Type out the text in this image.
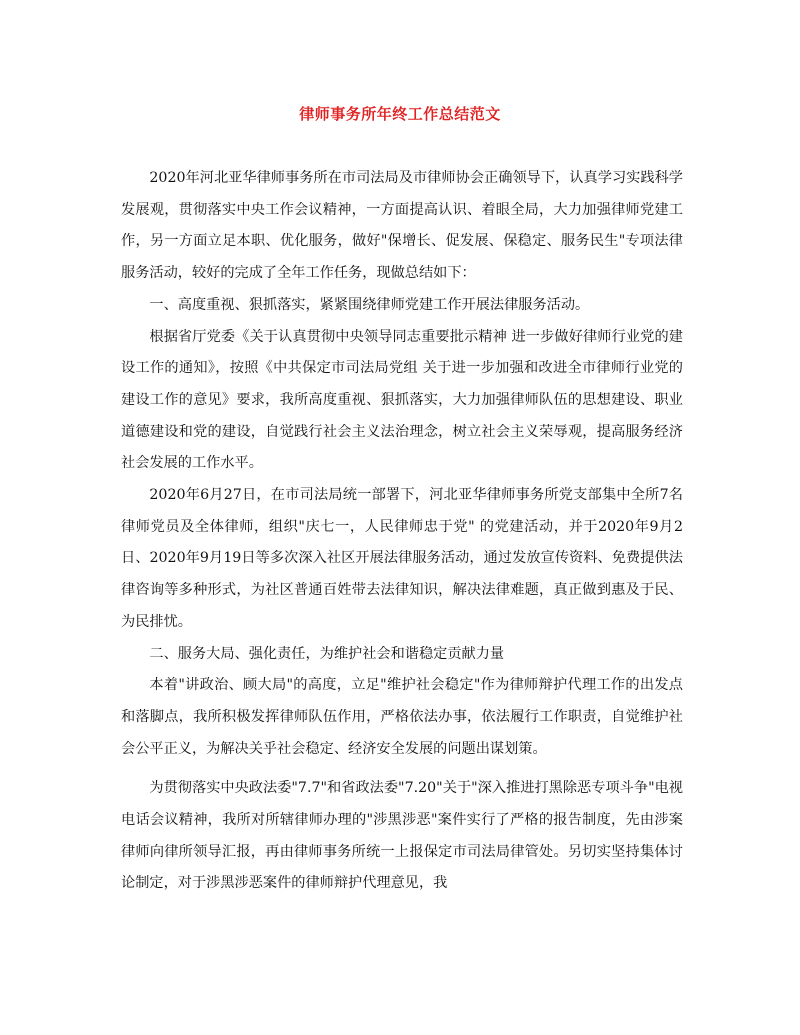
律师事务所年终工作总结范文

2020年河北亚华律师事务所在市司法局及市律师协会正确领导下，认真学习实践科学发展观，贯彻落实中央工作会议精神，一方面提高认识、着眼全局，大力加强律师党建工作，另一方面立足本职、优化服务，做好"保增长、促发展、保稳定、服务民生"专项法律服务活动，较好的完成了全年工作任务，现做总结如下：

一、高度重视、狠抓落实，紧紧围绕律师党建工作开展法律服务活动。

根据省厅党委《关于认真贯彻中央领导同志重要批示精神 进一步做好律师行业党的建设工作的通知》，按照《中共保定市司法局党组 关于进一步加强和改进全市律师行业党的建设工作的意见》要求，我所高度重视、狠抓落实，大力加强律师队伍的思想建设、职业道德建设和党的建设，自觉践行社会主义法治理念，树立社会主义荣辱观，提高服务经济社会发展的工作水平。

2020年6月27日，在市司法局统一部署下，河北亚华律师事务所党支部集中全所7名律师党员及全体律师，组织"庆七一，人民律师忠于党" 的党建活动，并于2020年9月2日、2020年9月19日等多次深入社区开展法律服务活动，通过发放宣传资料、免费提供法律咨询等多种形式，为社区普通百姓带去法律知识，解决法律难题，真正做到惠及于民、为民排忧。

二、服务大局、强化责任，为维护社会和谐稳定贡献力量

本着"讲政治、顾大局"的高度，立足"维护社会稳定"作为律师辩护代理工作的出发点和落脚点，我所积极发挥律师队伍作用，严格依法办事，依法履行工作职责，自觉维护社会公平正义，为解决关乎社会稳定、经济安全发展的问题出谋划策。

为贯彻落实中央政法委"7.7"和省政法委"7.20"关于"深入推进打黑除恶专项斗争"电视电话会议精神，我所对所辖律师办理的"涉黑涉恶"案件实行了严格的报告制度，先由涉案律师向律所领导汇报，再由律师事务所统一上报保定市司法局律管处。另切实坚持集体讨论制定，对于涉黑涉恶案件的律师辩护代理意见，我
